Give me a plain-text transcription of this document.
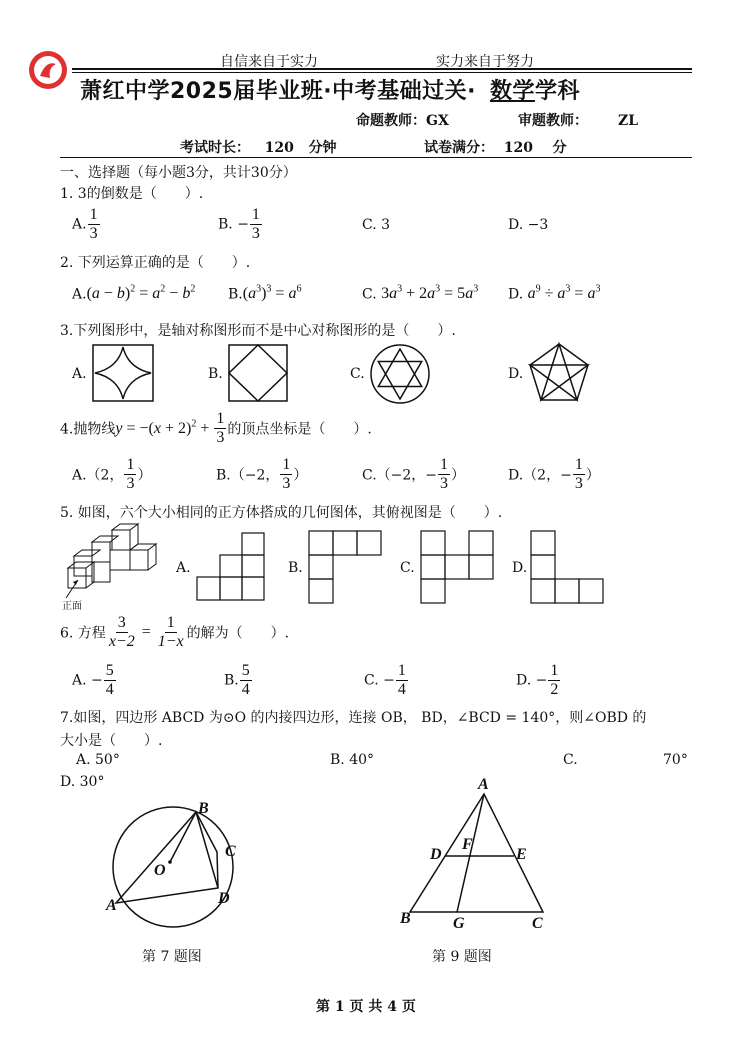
自信来自于实力	实力来自于努力
萧红中学2025届毕业班·中考基础过关· 数学学科
命题教师：GX	审题教师： ZL
考试时长： 120 分钟	试卷满分： 120 分
一、选择题（每小题3分，共计30分）
1. 3的倒数是（　　）.
A. $\frac{1}{3}$	B. − $\frac{1}{3}$	C. 3	D. −3
2. 下列运算正确的是（　　）.
$A.(a - b)^2 = a^2 - b^2$ $B.(a^3)^3 = a^6$	C. $3a^3 + 2a^3 = 5a^3$ D. $a^9 \div a^3 = a^3$
3.下列图形中，是轴对称图形而不是中心对称图形的是（　　）.
A.	B.	C.	D.
4.抛物线$y = -(x + 2)^2 + \frac{1}{3}$ 的顶点坐标是（　　）.
A.（2， $\frac{1}{3}$ ）	B.（−2， $\frac{1}{3}$ ）	C.（−2，− $\frac{1}{3}$ ）	D.（2，− $\frac{1}{3}$ ）
5. 如图，六个大小相同的正方体搭成的几何图体，其俯视图是（　　）.
正面
A.	B.	C.	D.
6. 方程 $\frac{3}{x-2} = \frac{1}{1-x}$ 的解为（　　）.
A. − $\frac{5}{4}$	B. $\frac{5}{4}$	C. − $\frac{1}{4}$	D. − $\frac{1}{2}$
7.如图，四边形 ABCD 为⊙O 的内接四边形，连接 OB， BD，∠BCD = 140°，则∠OBD 的
大小是（　　）.
A. 50°	B. 40°	C.	70°
D. 30°
B
C
O
A	D
第 7 题图
A
D
F
E
B	G	C
第 9 题图
第 1 页 共 4 页
